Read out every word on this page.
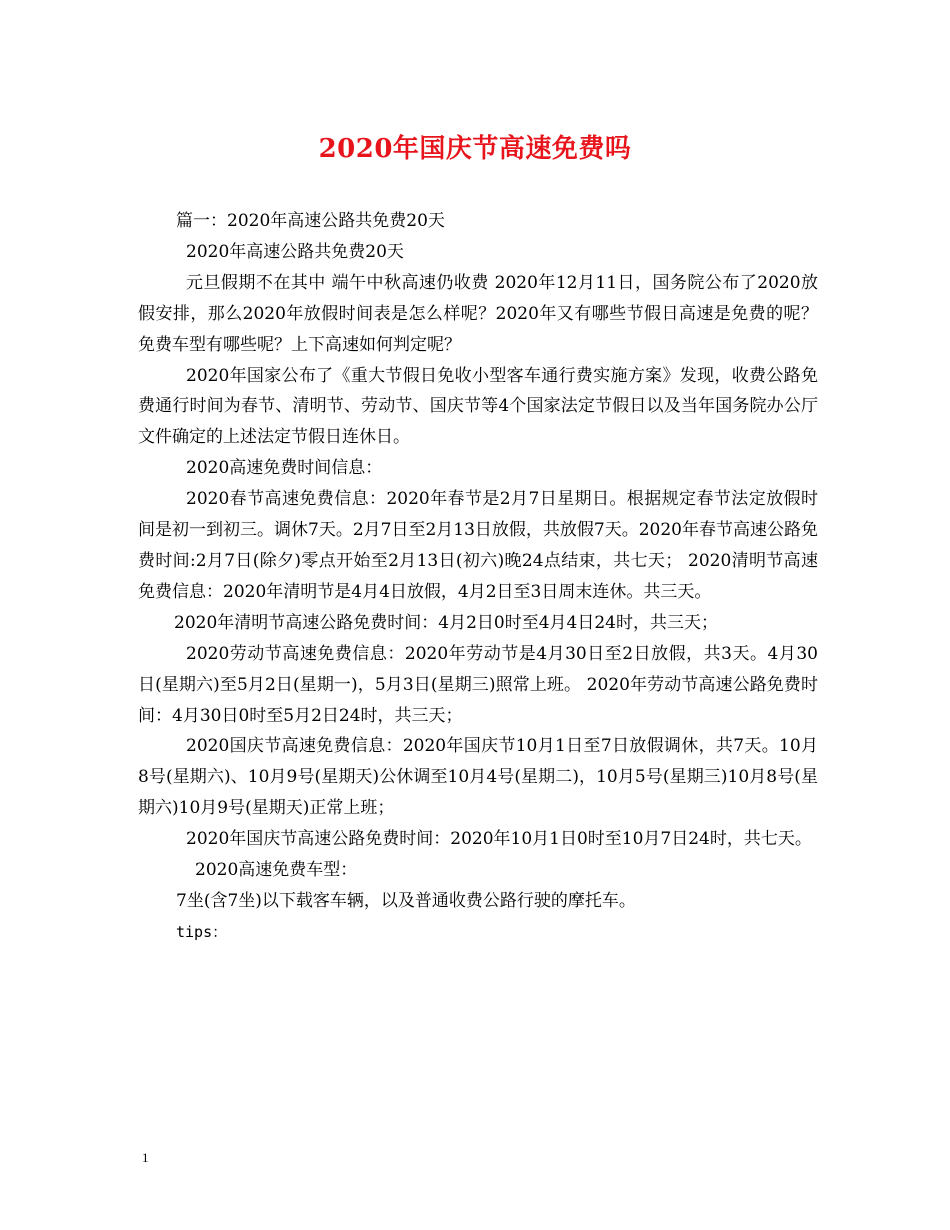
2020年国庆节高速免费吗

篇一：2020年高速公路共免费20天

2020年高速公路共免费20天

元旦假期不在其中 端午中秋高速仍收费 2020年12月11日，国务院公布了2020放假安排，那么2020年放假时间表是怎么样呢？2020年又有哪些节假日高速是免费的呢？免费车型有哪些呢？上下高速如何判定呢？

2020年国家公布了《重大节假日免收小型客车通行费实施方案》发现，收费公路免费通行时间为春节、清明节、劳动节、国庆节等4个国家法定节假日以及当年国务院办公厅文件确定的上述法定节假日连休日。

2020高速免费时间信息：

2020春节高速免费信息：2020年春节是2月7日星期日。根据规定春节法定放假时间是初一到初三。调休7天。2月7日至2月13日放假，共放假7天。2020年春节高速公路免费时间:2月7日(除夕)零点开始至2月13日(初六)晚24点结束，共七天； 2020清明节高速免费信息：2020年清明节是4月4日放假，4月2日至3日周末连休。共三天。

2020年清明节高速公路免费时间：4月2日0时至4月4日24时，共三天；

2020劳动节高速免费信息：2020年劳动节是4月30日至2日放假，共3天。4月30日(星期六)至5月2日(星期一)，5月3日(星期三)照常上班。 2020年劳动节高速公路免费时间：4月30日0时至5月2日24时，共三天；

2020国庆节高速免费信息：2020年国庆节10月1日至7日放假调休，共7天。10月8号(星期六)、10月9号(星期天)公休调至10月4号(星期二)，10月5号(星期三)10月8号(星期六)10月9号(星期天)正常上班；

2020年国庆节高速公路免费时间：2020年10月1日0时至10月7日24时，共七天。

2020高速免费车型：

7坐(含7坐)以下载客车辆，以及普通收费公路行驶的摩托车。

tips：

1
